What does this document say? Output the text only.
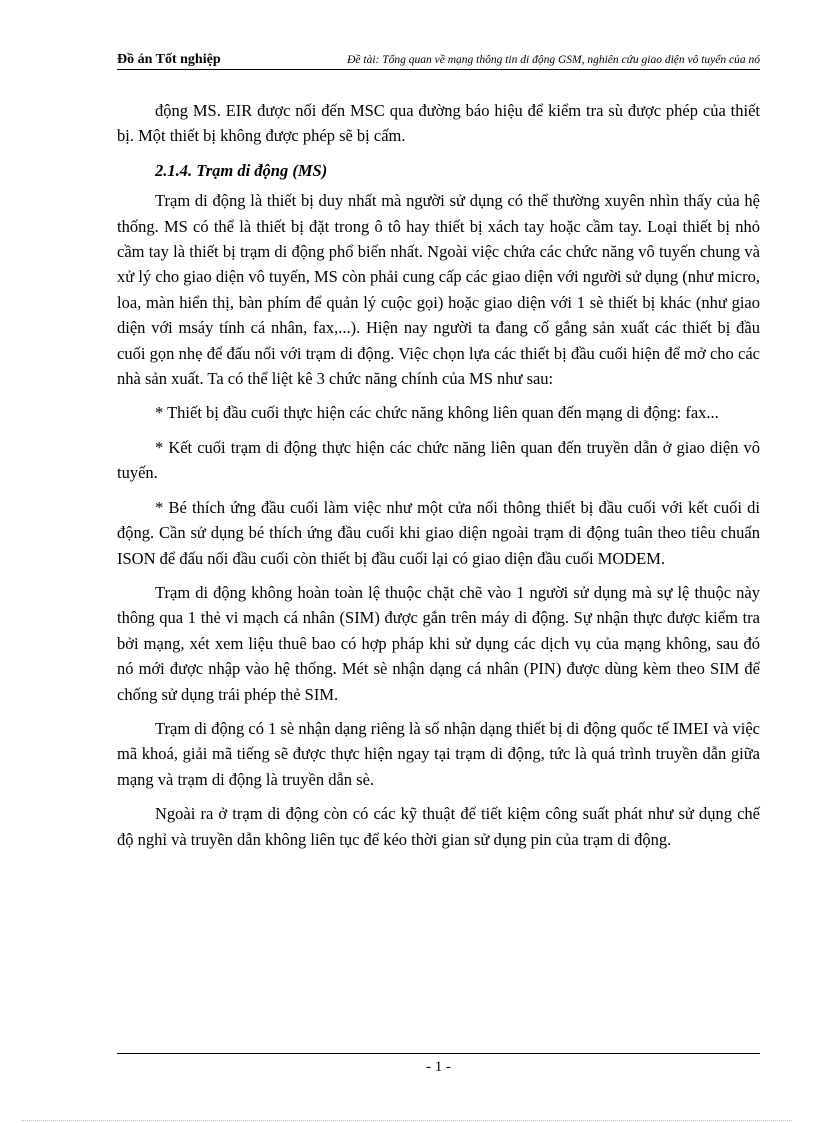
Đồ án Tốt nghiệp	Đề tài: Tổng quan về mạng thông tin di động GSM, nghiên cứu giao diện vô tuyến của nó

động MS. EIR được nối đến MSC qua đường báo hiệu để kiểm tra sù được phép của thiết bị. Một thiết bị không được phép sẽ bị cấm.

2.1.4. Trạm di động (MS)

Trạm di động là thiết bị duy nhất mà người sử dụng có thể thường xuyên nhìn thấy của hệ thống. MS có thể là thiết bị đặt trong ô tô hay thiết bị xách tay hoặc cầm tay. Loại thiết bị nhỏ cầm tay là thiết bị trạm di động phổ biến nhất. Ngoài việc chứa các chức năng vô tuyến chung và xử lý cho giao diện vô tuyến, MS còn phải cung cấp các giao diện với người sử dụng (như micro, loa, màn hiển thị, bàn phím để quản lý cuộc gọi) hoặc giao diện với 1 sè thiết bị khác (như giao diện với msáy tính cá nhân, fax,...). Hiện nay người ta đang cố gắng sản xuất các thiết bị đầu cuối gọn nhẹ để đấu nối với trạm di động. Việc chọn lựa các thiết bị đầu cuối hiện để mở cho các nhà sản xuất. Ta có thể liệt kê 3 chức năng chính của MS như sau:

* Thiết bị đầu cuối thực hiện các chức năng không liên quan đến mạng di động: fax...

* Kết cuối trạm di động thực hiện các chức năng liên quan đến truyền dẫn ở giao diện vô tuyến.

* Bé thích ứng đầu cuối làm việc như một cửa nối thông thiết bị đầu cuối với kết cuối di động. Cần sử dụng bé thích ứng đầu cuối khi giao diện ngoài trạm di động tuân theo tiêu chuẩn ISON để đấu nối đầu cuối còn thiết bị đầu cuối lại có giao diện đầu cuối MODEM.

Trạm di động không hoàn toàn lệ thuộc chặt chẽ vào 1 người sử dụng mà sự lệ thuộc này thông qua 1 thẻ vi mạch cá nhân (SIM) được gắn trên máy di động. Sự nhận thực được kiểm tra bởi mạng, xét xem liệu thuê bao có hợp pháp khi sử dụng các dịch vụ của mạng không, sau đó nó mới được nhập vào hệ thống. Mét sè nhận dạng cá nhân (PIN) được dùng kèm theo SIM để chống sử dụng trái phép thẻ SIM.

Trạm di động có 1 sè nhận dạng riêng là số nhận dạng thiết bị di động quốc tế IMEI và việc mã khoá, giải mã tiếng sẽ được thực hiện ngay tại trạm di động, tức là quá trình truyền dẫn giữa mạng và trạm di động là truyền dẫn sè.

Ngoài ra ở trạm di động còn có các kỹ thuật để tiết kiệm công suất phát như sử dụng chế độ nghỉ và truyền dẫn không liên tục để kéo thời gian sử dụng pin của trạm di động.

- 1 -
